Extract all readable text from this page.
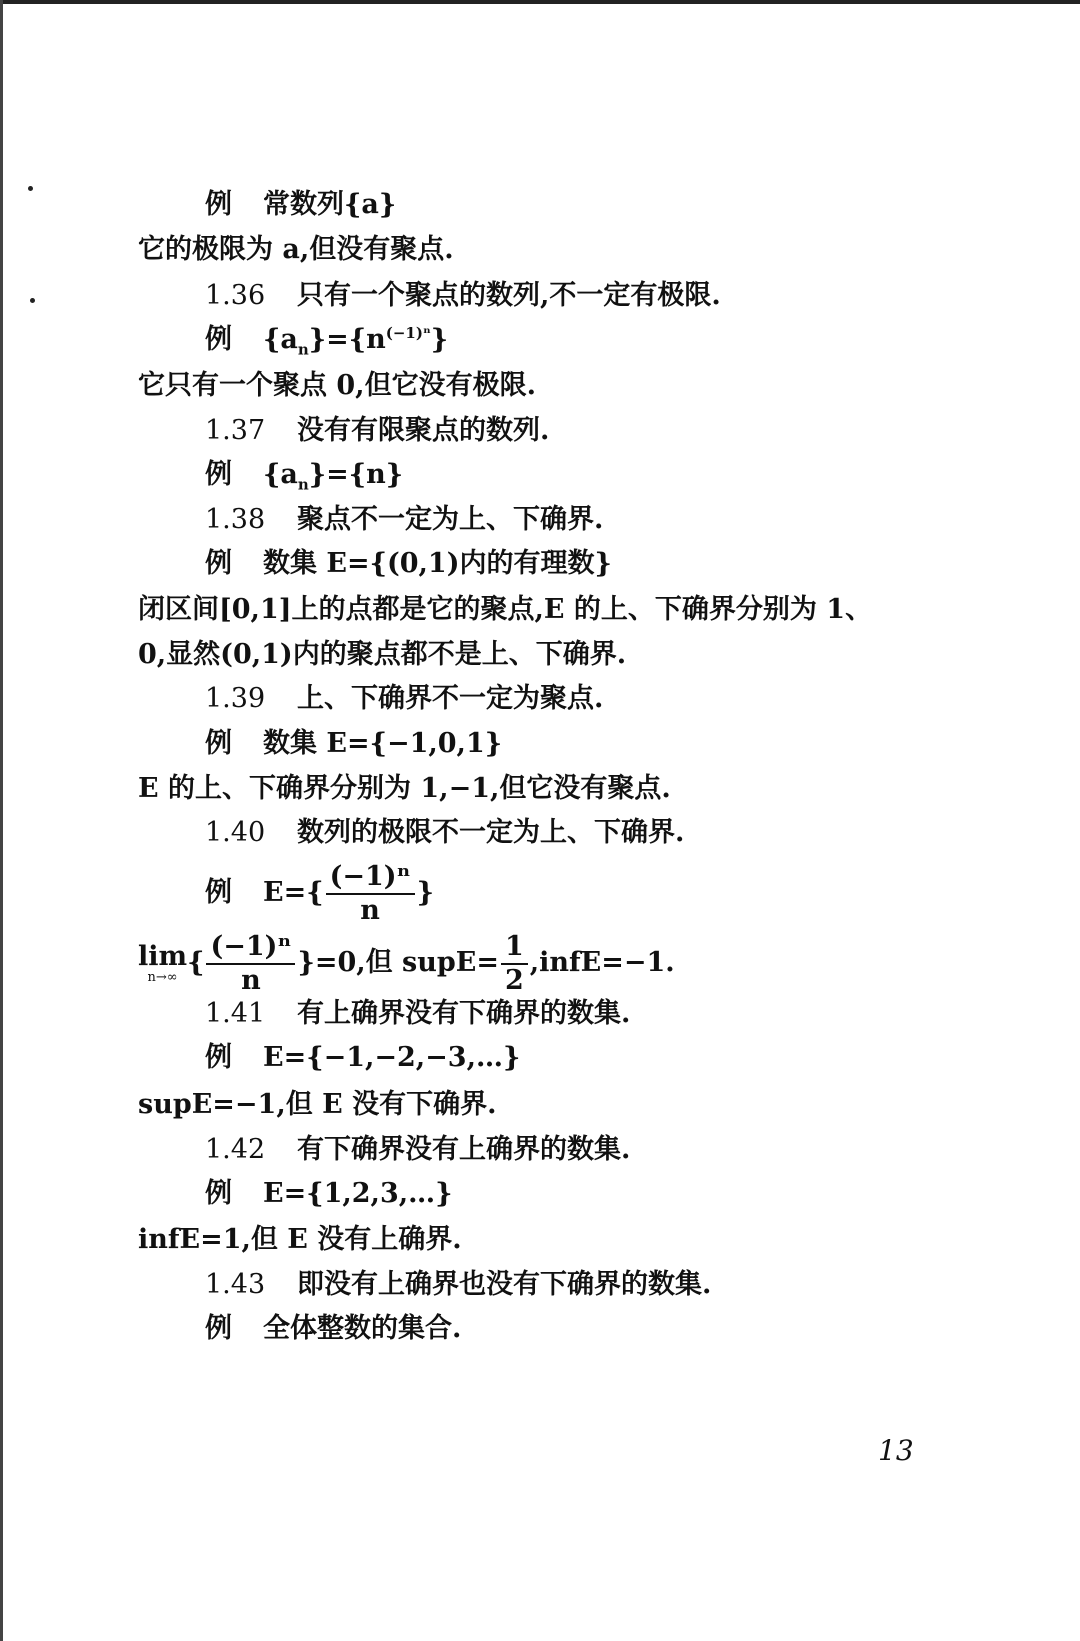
例 常数列{a}
它的极限为 a,但没有聚点.
1.36 只有一个聚点的数列,不一定有极限.
例 $\{a_n\}=\{n^{(-1)^n}\}$
它只有一个聚点 0,但它没有极限.
1.37 没有有限聚点的数列.
例 $\{a_n\}=\{n\}$
1.38 聚点不一定为上、下确界.
例 数集 E={(0,1)内的有理数}
闭区间[0,1]上的点都是它的聚点,E 的上、下确界分别为 1、
0,显然(0,1)内的聚点都不是上、下确界.
1.39 上、下确界不一定为聚点.
例 数集 E={−1,0,1}
E 的上、下确界分别为 1,−1,但它没有聚点.
1.40 数列的极限不一定为上、下确界.
例 $E=\{ \frac{\text{(−1)ⁿ}}{n}$ }
lim
n→∞ { $\frac{\text{(−1)ⁿ}}{n} \}=0$,但 supE= $\frac{1}{2}$ ,infE=−1.
1.41 有上确界没有下确界的数集.
例 E={−1,−2,−3,…}
supE=−1,但 E 没有下确界.
1.42 有下确界没有上确界的数集.
例 E={1,2,3,…}
infE=1,但 E 没有上确界.
1.43 即没有上确界也没有下确界的数集.
例 全体整数的集合.
13
